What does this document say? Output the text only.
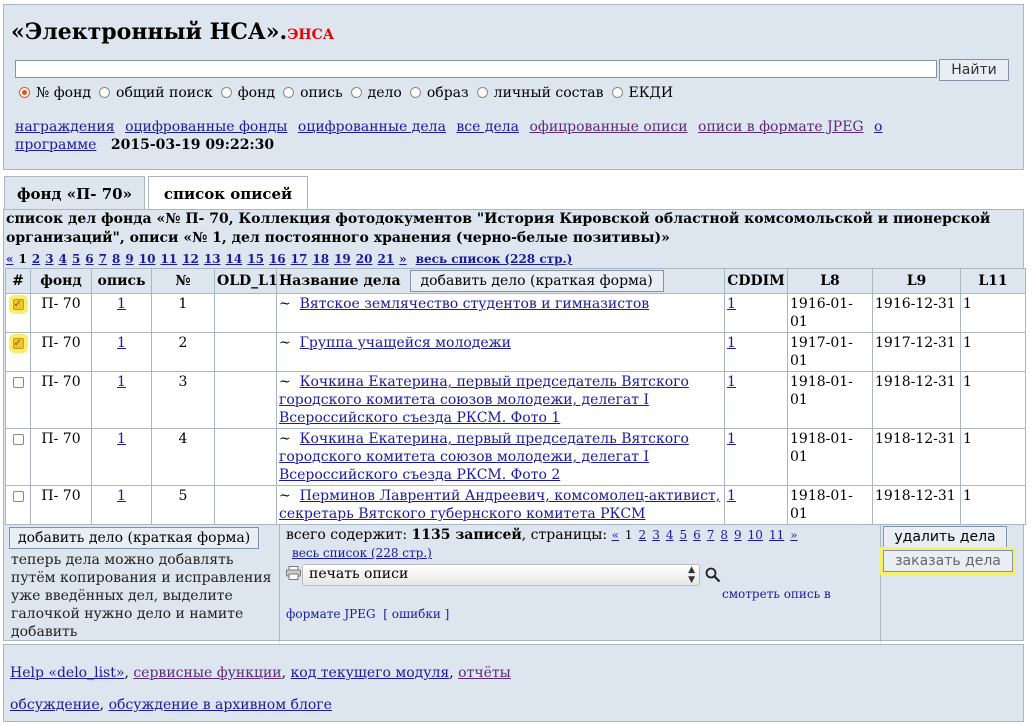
«Электронный НСА».ЭНСА
Найти
№ фонд общий поиск фонд опись дело образ личный состав ЕКДИ
награждения оцифрованные фонды оцифрованные дела все дела офицрованные описи описи в формате JPEG о программе 2015-03-19 09:22:30
фонд «П- 70»	список описей
список дел фонда «№ П- 70, Коллекция фотодокументов "История Кировской областной комсомольской и пионерской организаций", описи «№ 1, дел постоянного хранения (черно-белые позитивы)»
« 1 2 3 4 5 6 7 8 9 10 11 12 13 14 15 16 17 18 19 20 21 » весь список (228 стр.)
#	фонд	опись	№	OLD_L1	Название дела добавить дело (краткая форма)	CDDIM	L8	L9	L11
✓	П- 70	1	1		~ Вятское землячество студентов и гимназистов	1	1916-01-01	1916-12-31	1
✓	П- 70	1	2		~ Группа учащейся молодежи	1	1917-01-01	1917-12-31	1
	П- 70	1	3		~ Кочкина Екатерина, первый председатель Вятского городского комитета союзов молодежи, делегат I Всероссийского съезда РКСМ. Фото 1	1	1918-01-01	1918-12-31	1
	П- 70	1	4		~ Кочкина Екатерина, первый председатель Вятского городского комитета союзов молодежи, делегат I Всероссийского съезда РКСМ. Фото 2	1	1918-01-01	1918-12-31	1
	П- 70	1	5		~ Перминов Лаврентий Андреевич, комсомолец-активист, секретарь Вятского губернского комитета РКСМ	1	1918-01-01	1918-12-31	1
добавить дело (краткая форма)
теперь дела можно добавлять путём копирования и исправления уже введённых дел, выделите галочкой нужно дело и намите добавить
всего содержит: 1135 записей, страницы: « 1 2 3 4 5 6 7 8 9 10 11 »
весь список (228 стр.)
печать описи	▲
▼
смотреть опись в
формате JPEG [ ошибки ]
удалить дела
заказать дела
Help «delo_list», сервисные функции, код текущего модуля, отчёты
обсуждение, обсуждение в архивном блоге
